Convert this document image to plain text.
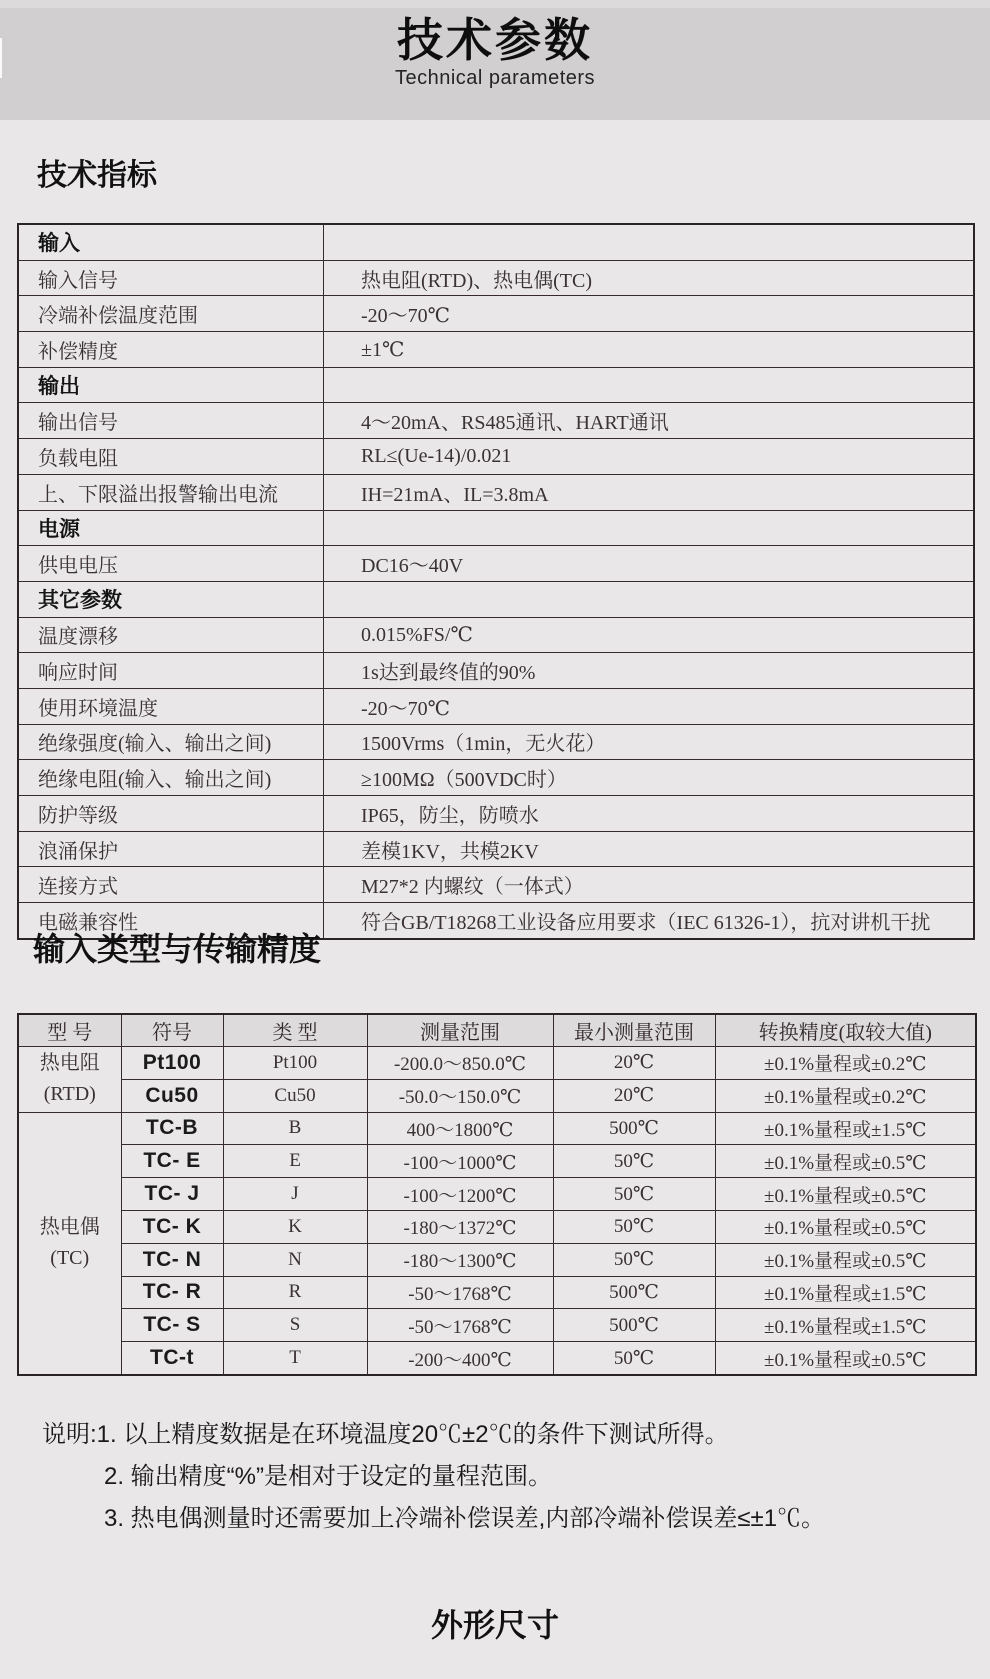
技术参数
Technical parameters
技术指标
输入	
输入信号	热电阻(RTD)、热电偶(TC)
冷端补偿温度范围	-20～70℃
补偿精度	±1℃
输出	
输出信号	4～20mA、RS485通讯、HART通讯
负载电阻	RL≤(Ue-14)/0.021
上、下限溢出报警输出电流	IH=21mA、IL=3.8mA
电源	
供电电压	DC16～40V
其它参数	
温度漂移	0.015%FS/℃
响应时间	1s达到最终值的90%
使用环境温度	-20～70℃
绝缘强度(输入、输出之间)	1500Vrms（1min，无火花）
绝缘电阻(输入、输出之间)	≥100MΩ（500VDC时）
防护等级	IP65，防尘，防喷水
浪涌保护	差模1KV，共模2KV
连接方式	M27*2 内螺纹（一体式）
电磁兼容性	符合GB/T18268工业设备应用要求（IEC 61326-1），抗对讲机干扰
输入类型与传输精度
型 号	符号	类 型	测量范围	最小测量范围	转换精度(取较大值)

热电阻
(RTD)	Pt100	Pt100	-200.0～850.0℃	20℃	±0.1%量程或±0.2℃
	Cu50	Cu50	-50.0～150.0℃	20℃	±0.1%量程或±0.2℃

热电偶
(TC)	TC-B	B	400～1800℃	500℃	±0.1%量程或±1.5℃
	TC- E	E	-100～1000℃	50℃	±0.1%量程或±0.5℃
	TC- J	J	-100～1200℃	50℃	±0.1%量程或±0.5℃
	TC- K	K	-180～1372℃	50℃	±0.1%量程或±0.5℃
	TC- N	N	-180～1300℃	50℃	±0.1%量程或±0.5℃
	TC- R	R	-50～1768℃	500℃	±0.1%量程或±1.5℃
	TC- S	S	-50～1768℃	500℃	±0.1%量程或±1.5℃
	TC-t	T	-200～400℃	50℃	±0.1%量程或±0.5℃
说明:1. 以上精度数据是在环境温度20℃±2℃的条件下测试所得。
2. 输出精度“%”是相对于设定的量程范围。
3. 热电偶测量时还需要加上冷端补偿误差,内部冷端补偿误差≤±1℃。
外形尺寸
